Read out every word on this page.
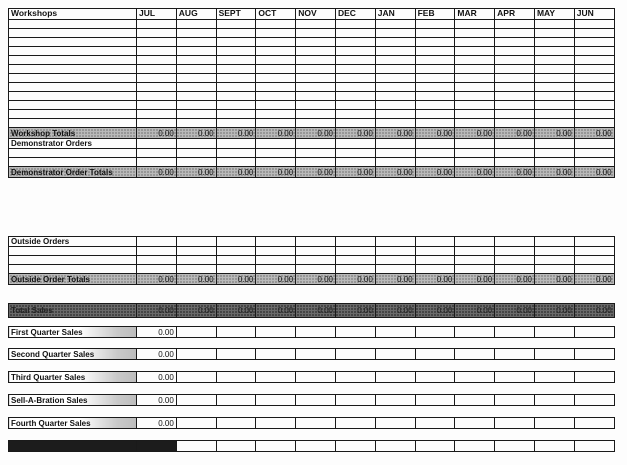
Workshops	JUL	AUG	SEPT	OCT	NOV	DEC	JAN	FEB	MAR	APR	MAY	JUN

Workshop Totals	0.00	0.00	0.00	0.00	0.00	0.00	0.00	0.00	0.00	0.00	0.00	0.00
Demonstrator Orders												

Demonstrator Order Totals	0.00	0.00	0.00	0.00	0.00	0.00	0.00	0.00	0.00	0.00	0.00	0.00
Outside Orders												

Outside Order Totals	0.00	0.00	0.00	0.00	0.00	0.00	0.00	0.00	0.00	0.00	0.00	0.00
Total Sales	0.00	0.00	0.00	0.00	0.00	0.00	0.00	0.00	0.00	0.00	0.00	0.00
First Quarter Sales	0.00											
Second Quarter Sales	0.00											
Third Quarter Sales	0.00											
Sell-A-Bration Sales	0.00											
Fourth Quarter Sales	0.00											
